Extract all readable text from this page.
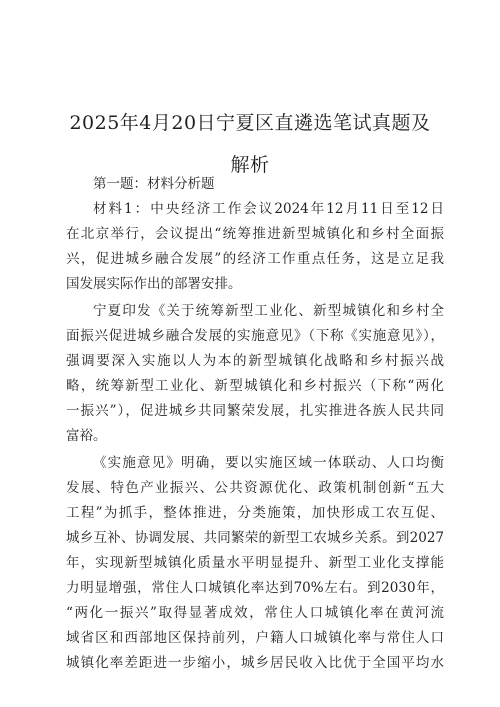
2025年4月20日宁夏区直遴选笔试真题及
解析
第一题：材料分析题
材料1：中央经济工作会议2024年12月11日至12日
在北京举行，会议提出“统筹推进新型城镇化和乡村全面振
兴，促进城乡融合发展”的经济工作重点任务，这是立足我
国发展实际作出的部署安排。
宁夏印发《关于统筹新型工业化、新型城镇化和乡村全
面振兴促进城乡融合发展的实施意见》（下称《实施意见》），
强调要深入实施以人为本的新型城镇化战略和乡村振兴战
略，统筹新型工业化、新型城镇化和乡村振兴（下称“两化
一振兴”），促进城乡共同繁荣发展，扎实推进各族人民共同
富裕。
《实施意见》明确，要以实施区域一体联动、人口均衡
发展、特色产业振兴、公共资源优化、政策机制创新“五大
工程”为抓手，整体推进，分类施策，加快形成工农互促、
城乡互补、协调发展、共同繁荣的新型工农城乡关系。到2027
年，实现新型城镇化质量水平明显提升、新型工业化支撑能
力明显增强，常住人口城镇化率达到70%左右。到2030年，
“两化一振兴”取得显著成效，常住人口城镇化率在黄河流
域省区和西部地区保持前列，户籍人口城镇化率与常住人口
城镇化率差距进一步缩小，城乡居民收入比优于全国平均水
